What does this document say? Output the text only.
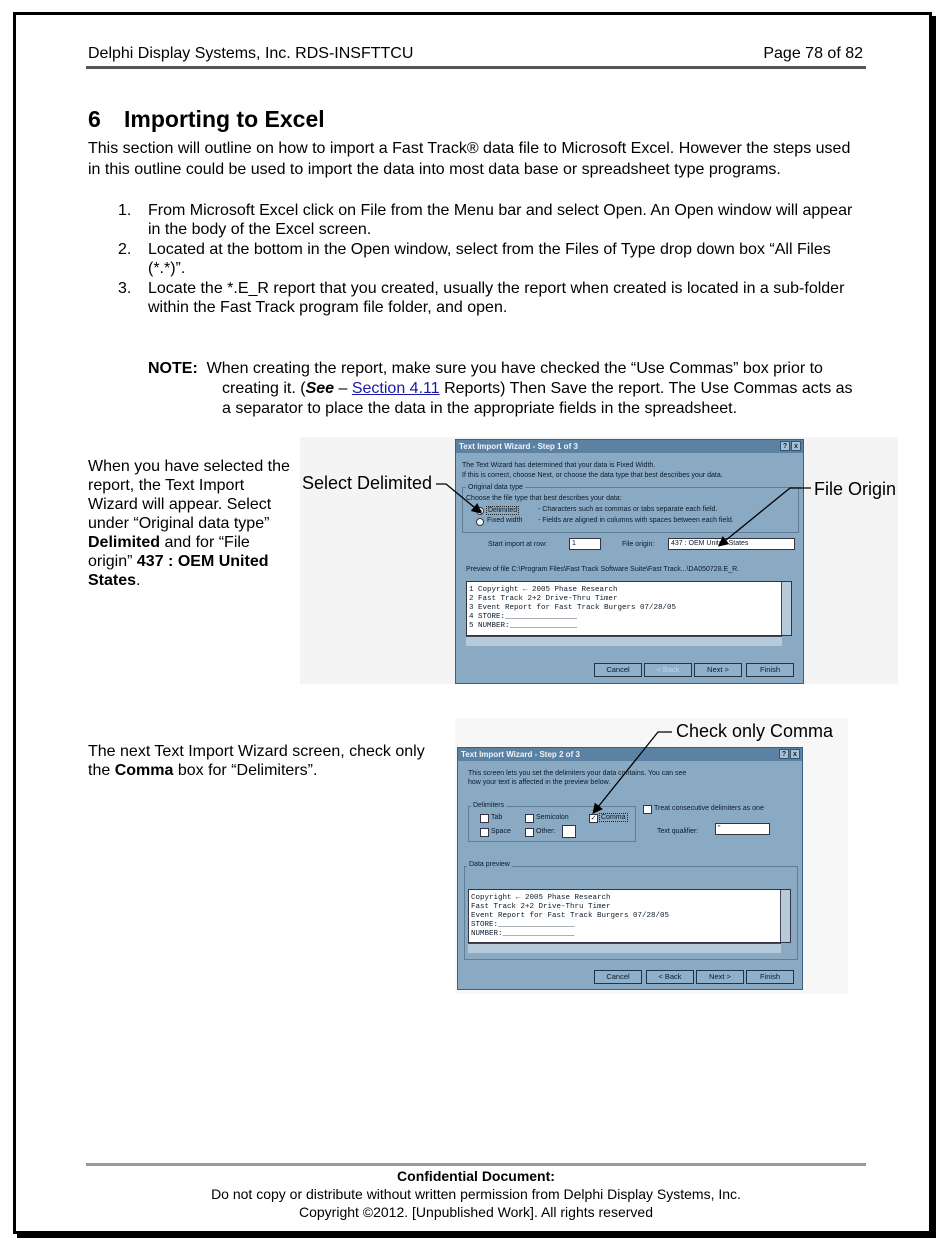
Delphi Display Systems, Inc. RDS-INSFTTCU	Page 78 of 82
6 Importing to Excel
This section will outline on how to import a Fast Track® data file to Microsoft Excel. However the steps used in this outline could be used to import the data into most data base or spreadsheet type programs.
1. From Microsoft Excel click on File from the Menu bar and select Open. An Open window will appear in the body of the Excel screen.
2. Located at the bottom in the Open window, select from the Files of Type drop down box “All Files (*.*)”.
3. Locate the *.E_R report that you created, usually the report when created is located in a sub-folder within the Fast Track program file folder, and open.
NOTE: When creating the report, make sure you have checked the “Use Commas” box prior to
creating it. (See – Section 4.11 Reports) Then Save the report. The Use Commas acts as a separator to place the data in the appropriate fields in the spreadsheet.
When you have selected the report, the Text Import Wizard will appear. Select under “Original data type” Delimited and for “File origin” 437 : OEM United States.
The next Text Import Wizard screen, check only the Comma box for “Delimiters”.
Text Import Wizard - Step 1 of 3	? x
The Text Wizard has determined that your data is Fixed Width.
If this is correct, choose Next, or choose the data type that best describes your data.
Original data type
Choose the file type that best describes your data:
Delimited	- Characters such as commas or tabs separate each field.
Fixed width - Fields are aligned in columns with spaces between each field.
Start import at row:	1	File origin:	437 : OEM United States
Preview of file C:\Program Files\Fast Track Software Suite\Fast Track...\DA050728.E_R.
1 Copyright ← 2005 Phase Research
2 Fast Track 2+2 Drive-Thru Timer
3 Event Report for Fast Track Burgers 07/28/05
4 STORE:________________
5 NUMBER:_______________
Cancel	< Back	Next >	Finish
Text Import Wizard - Step 2 of 3	? x
This screen lets you set the delimiters your data contains. You can see
how your text is affected in the preview below.
Delimiters
Tab	Semicolon	✓ Comma
Space	Other:
Treat consecutive delimiters as one
Text qualifier:	"
Data preview
Copyright ← 2005 Phase Research
Fast Track 2+2 Drive-Thru Timer
Event Report for Fast Track Burgers 07/28/05
STORE:_________________
NUMBER:________________
Cancel	< Back	Next >	Finish
Select Delimited	File Origin
Check only Comma
Confidential Document:
Do not copy or distribute without written permission from Delphi Display Systems, Inc.
Copyright ©2012. [Unpublished Work]. All rights reserved
